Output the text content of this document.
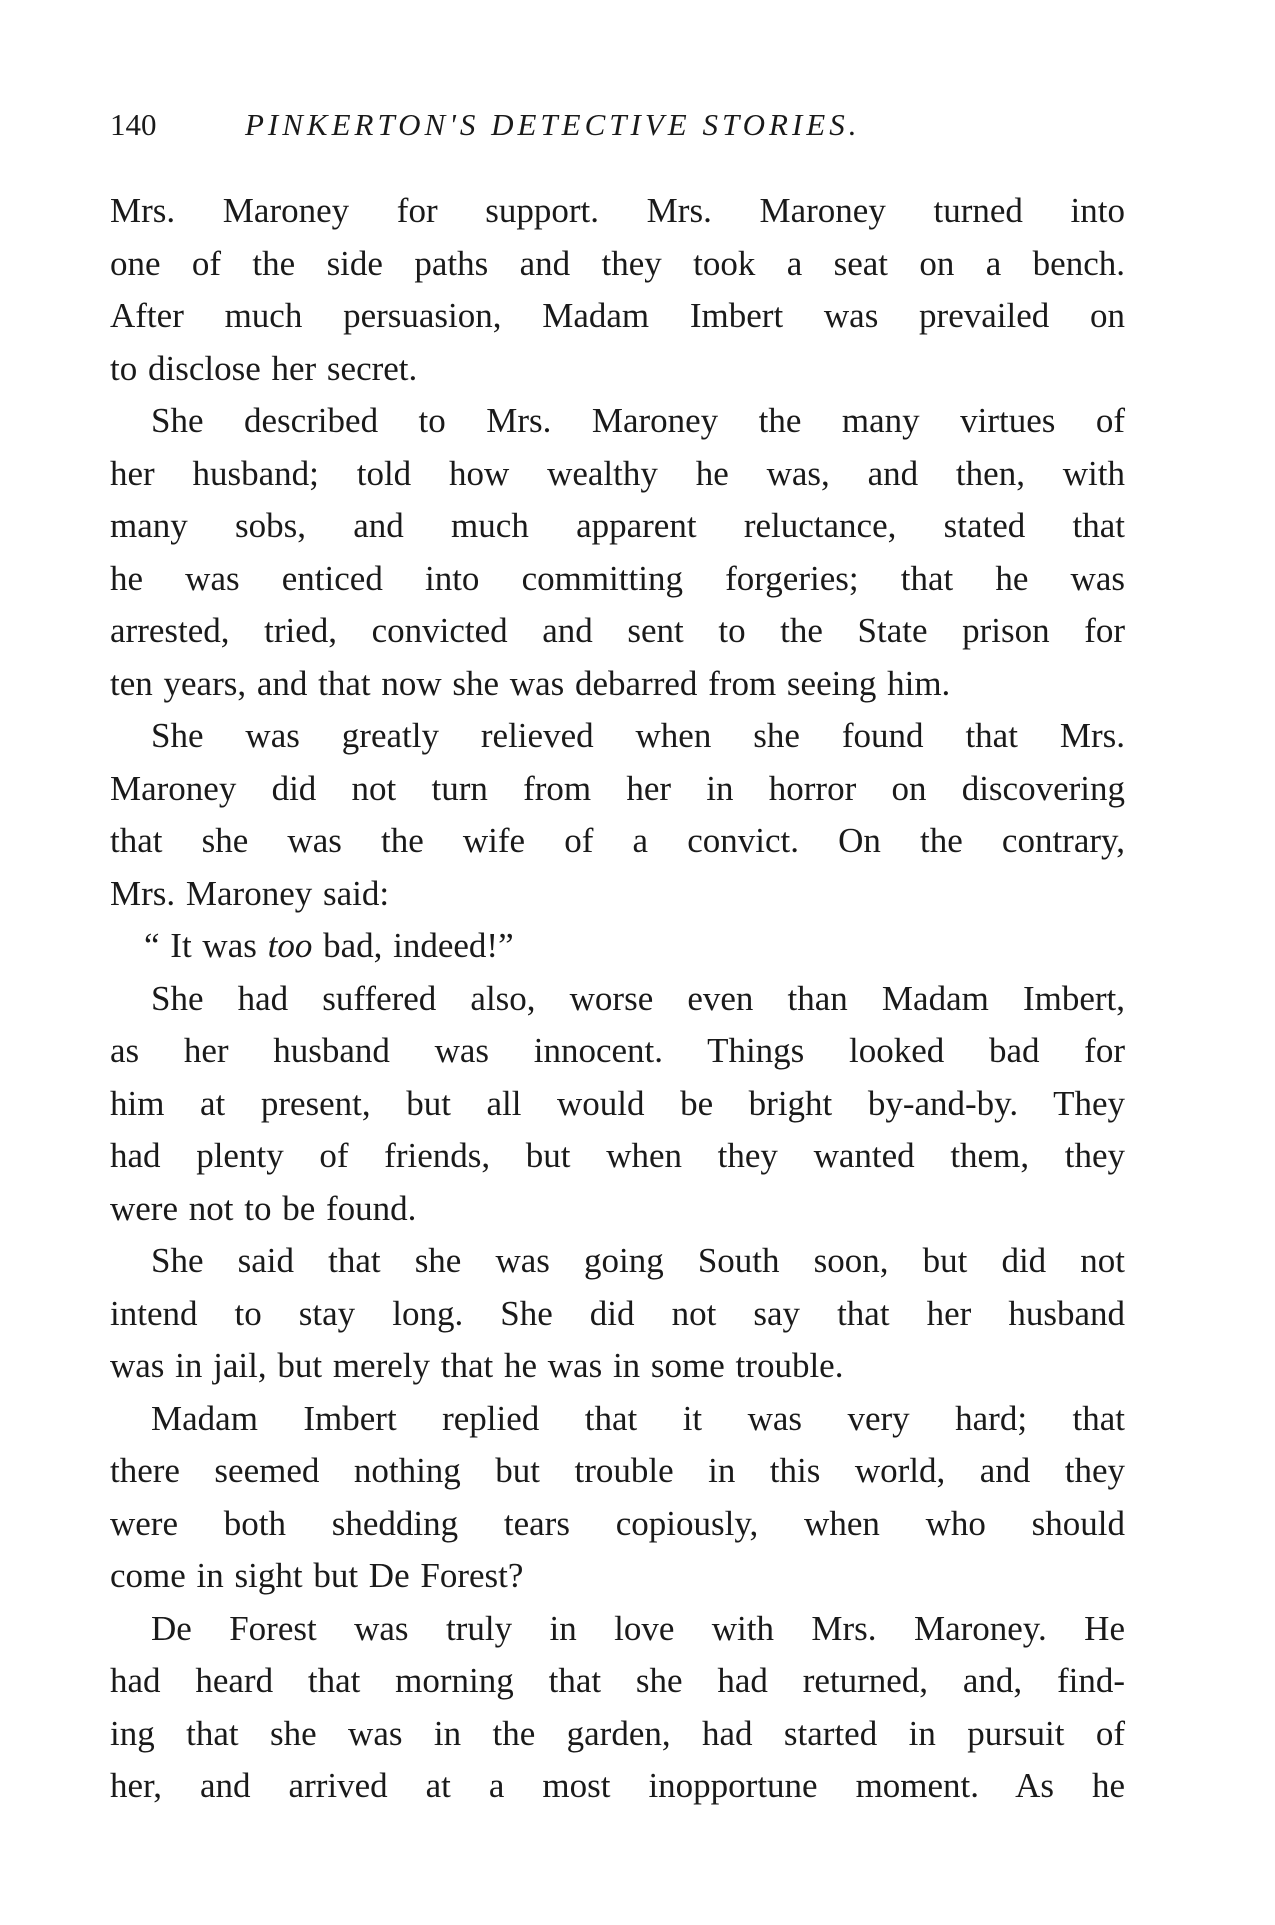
140	PINKERTON'S DETECTIVE STORIES.
Mrs. Maroney for support. Mrs. Maroney turned into
one of the side paths and they took a seat on a bench.
After much persuasion, Madam Imbert was prevailed on
to disclose her secret.
She described to Mrs. Maroney the many virtues of
her husband; told how wealthy he was, and then, with
many sobs, and much apparent reluctance, stated that
he was enticed into committing forgeries; that he was
arrested, tried, convicted and sent to the State prison for
ten years, and that now she was debarred from seeing him.
She was greatly relieved when she found that Mrs.
Maroney did not turn from her in horror on discovering
that she was the wife of a convict. On the contrary,
Mrs. Maroney said:
“ It was too bad, indeed!”
She had suffered also, worse even than Madam Imbert,
as her husband was innocent. Things looked bad for
him at present, but all would be bright by-and-by. They
had plenty of friends, but when they wanted them, they
were not to be found.
She said that she was going South soon, but did not
intend to stay long. She did not say that her husband
was in jail, but merely that he was in some trouble.
Madam Imbert replied that it was very hard; that
there seemed nothing but trouble in this world, and they
were both shedding tears copiously, when who should
come in sight but De Forest?
De Forest was truly in love with Mrs. Maroney. He
had heard that morning that she had returned, and, find-
ing that she was in the garden, had started in pursuit of
her, and arrived at a most inopportune moment. As he
